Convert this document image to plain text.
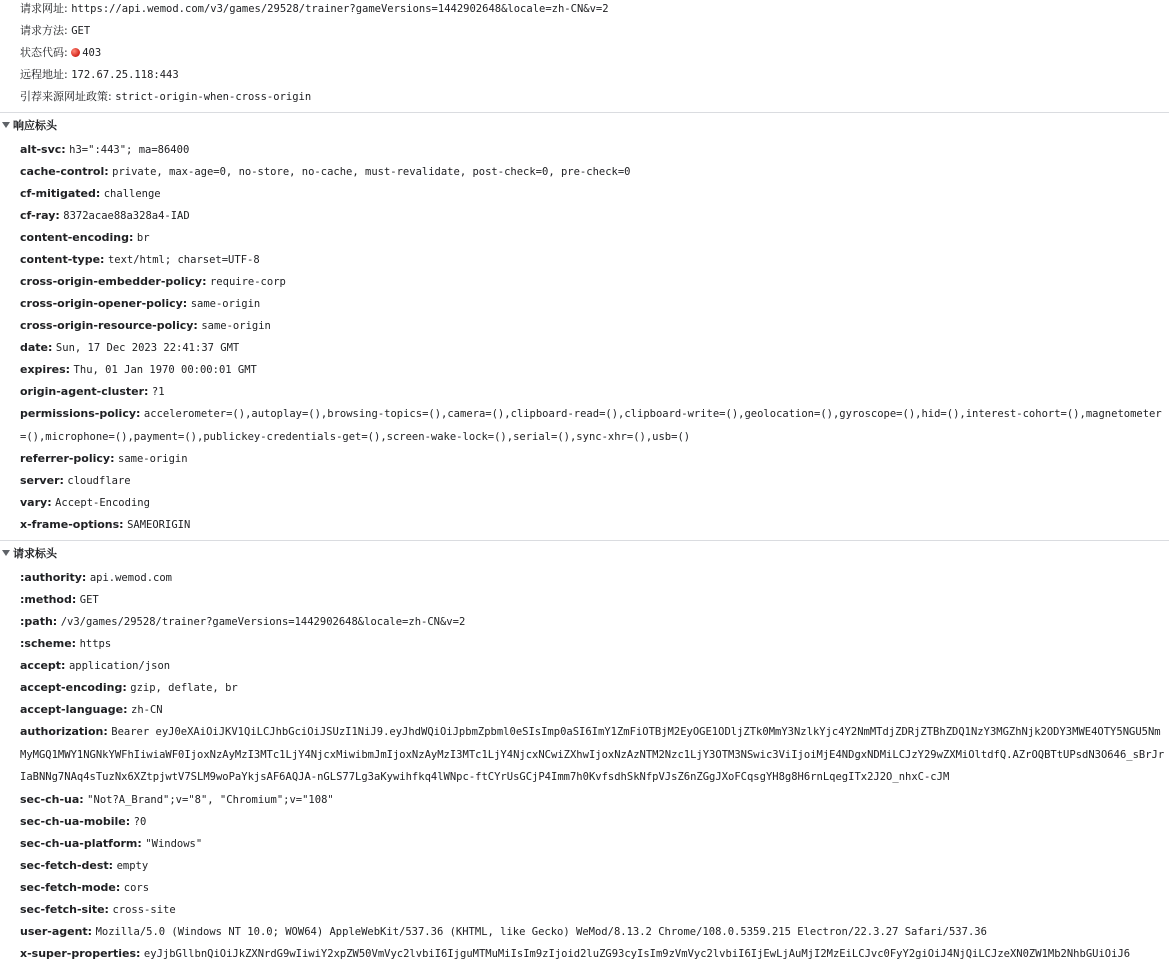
请求网址: https://api.wemod.com/v3/games/29528/trainer?gameVersions=1442902648&locale=zh-CN&v=2
请求方法: GET
状态代码: 403
远程地址: 172.67.25.118:443
引荐来源网址政策: strict-origin-when-cross-origin
响应标头
alt-svc: h3=":443"; ma=86400
cache-control: private, max-age=0, no-store, no-cache, must-revalidate, post-check=0, pre-check=0
cf-mitigated: challenge
cf-ray: 8372acae88a328a4-IAD
content-encoding: br
content-type: text/html; charset=UTF-8
cross-origin-embedder-policy: require-corp
cross-origin-opener-policy: same-origin
cross-origin-resource-policy: same-origin
date: Sun, 17 Dec 2023 22:41:37 GMT
expires: Thu, 01 Jan 1970 00:00:01 GMT
origin-agent-cluster: ?1
permissions-policy: accelerometer=(),autoplay=(),browsing-topics=(),camera=(),clipboard-read=(),clipboard-write=(),geolocation=(),gyroscope=(),hid=(),interest-cohort=(),magnetometer=(),microphone=(),payment=(),publickey-credentials-get=(),screen-wake-lock=(),serial=(),sync-xhr=(),usb=()
referrer-policy: same-origin
server: cloudflare
vary: Accept-Encoding
x-frame-options: SAMEORIGIN
请求标头
:authority: api.wemod.com
:method: GET
:path: /v3/games/29528/trainer?gameVersions=1442902648&locale=zh-CN&v=2
:scheme: https
accept: application/json
accept-encoding: gzip, deflate, br
accept-language: zh-CN
authorization: Bearer eyJ0eXAiOiJKV1QiLCJhbGciOiJSUzI1NiJ9.eyJhdWQiOiJpbmZpbml0eSIsImp0aSI6ImY1ZmFiOTBjM2EyOGE1ODljZTk0MmY3NzlkYjc4Y2NmMTdjZDRjZTBhZDQ1NzY3MGZhNjk2ODY3MWE4OTY5NGU5NmMyMGQ1MWY1NGNkYWFhIiwiaWF0IjoxNzAyMzI3MTc1LjY4NjcxMiwibmJmIjoxNzAyMzI3MTc1LjY4NjcxNCwiZXhwIjoxNzAzNTM2Nzc1LjY3OTM3NSwic3ViIjoiMjE4NDgxNDMiLCJzY29wZXMiOltdfQ.AZrOQBTtUPsdN3O646_sBrJrIaBNNg7NAq4sTuzNx6XZtpjwtV7SLM9woPaYkjsAF6AQJA-nGLS77Lg3aKywihfkq4lWNpc-ftCYrUsGCjP4Imm7h0KvfsdhSkNfpVJsZ6nZGgJXoFCqsgYH8g8H6rnLqegITx2J2O_nhxC-cJM
sec-ch-ua: "Not?A_Brand";v="8", "Chromium";v="108"
sec-ch-ua-mobile: ?0
sec-ch-ua-platform: "Windows"
sec-fetch-dest: empty
sec-fetch-mode: cors
sec-fetch-site: cross-site
user-agent: Mozilla/5.0 (Windows NT 10.0; WOW64) AppleWebKit/537.36 (KHTML, like Gecko) WeMod/8.13.2 Chrome/108.0.5359.215 Electron/22.3.27 Safari/537.36
x-super-properties: eyJjbGllbnQiOiJkZXNrdG9wIiwiY2xpZW50VmVyc2lvbiI6IjguMTMuMiIsIm9zIjoid2luZG93cyIsIm9zVmVyc2lvbiI6IjEwLjAuMjI2MzEiLCJvc0FyY2giOiJ4NjQiLCJzeXN0ZW1Mb2NhbGUiOiJ6
